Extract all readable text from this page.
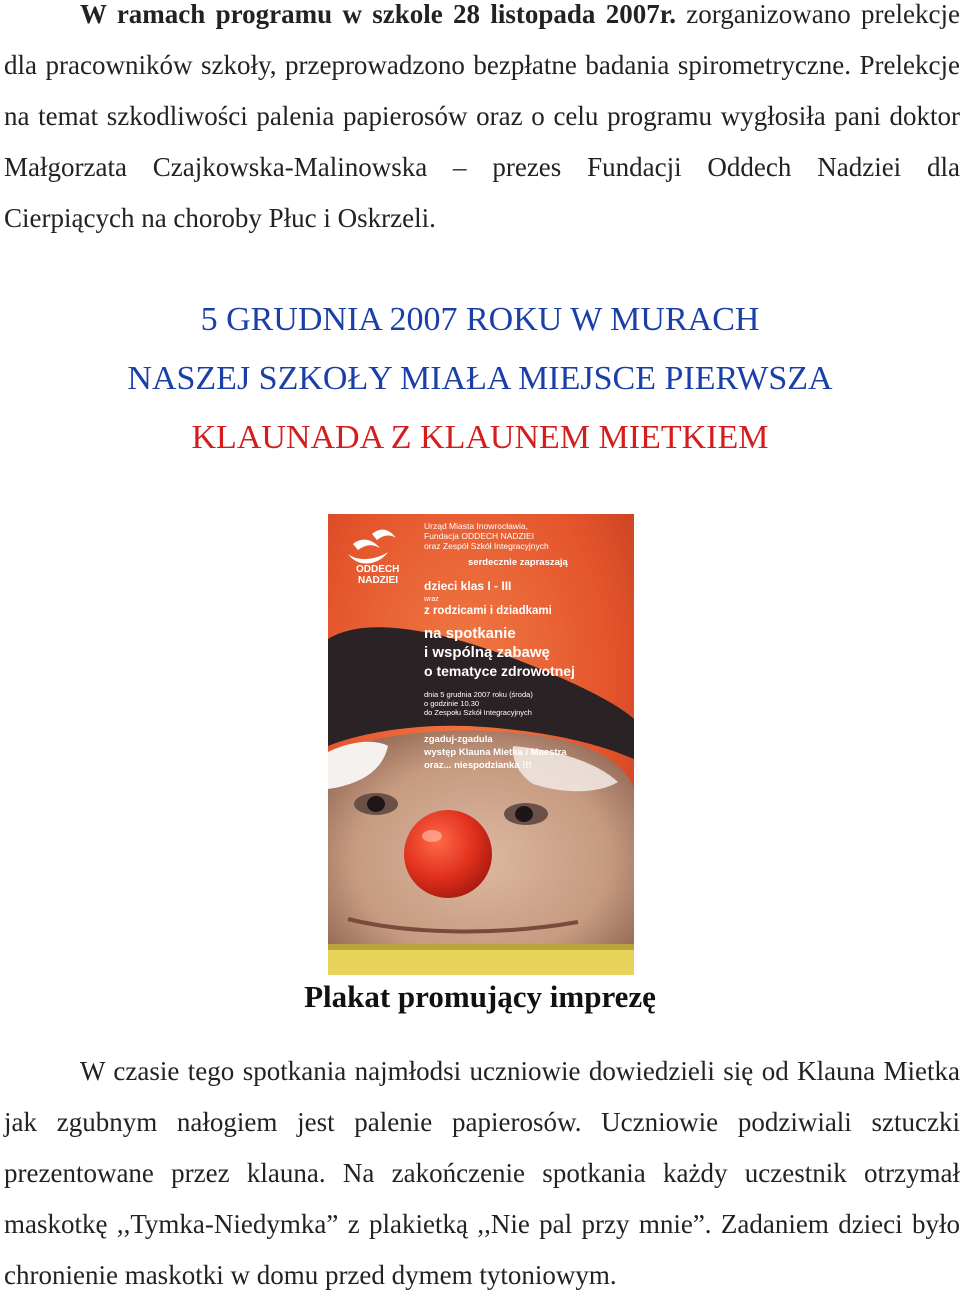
W ramach programu w szkole 28 listopada 2007r. zorganizowano prelekcje dla pracowników szkoły, przeprowadzono bezpłatne badania spirometryczne. Prelekcje na temat szkodliwości palenia papierosów oraz o celu programu wygłosiła pani doktor Małgorzata Czajkowska-Malinowska – prezes Fundacji Oddech Nadziei dla Cierpiących na choroby Płuc i Oskrzeli.
5 GRUDNIA 2007 ROKU W MURACH
NASZEJ SZKOŁY MIAŁA MIEJSCE PIERWSZA
KLAUNADA Z KLAUNEM MIETKIEM
ODDECH
NADZIEI
Urząd Miasta Inowrocławia,
Fundacja ODDECH NADZIEI
oraz Zespół Szkół Integracyjnych
serdecznie zapraszają
dzieci klas I - III
wraz
z rodzicami i dziadkami
na spotkanie
i wspólną zabawę
o tematyce zdrowotnej
dnia 5 grudnia 2007 roku (środa)
o godzinie 10.30
do Zespołu Szkół Integracyjnych
zgaduj-zgadula
występ Klauna Mietka i Maestra
oraz... niespodzianka !!!
Plakat promujący imprezę
W czasie tego spotkania najmłodsi uczniowie dowiedzieli się od Klauna Mietka jak zgubnym nałogiem jest palenie papierosów. Uczniowie podziwiali sztuczki prezentowane przez klauna. Na zakończenie spotkania każdy uczestnik otrzymał maskotkę ,,Tymka-Niedymka” z plakietką ,,Nie pal przy mnie”. Zadaniem dzieci było chronienie maskotki w domu przed dymem tytoniowym.
